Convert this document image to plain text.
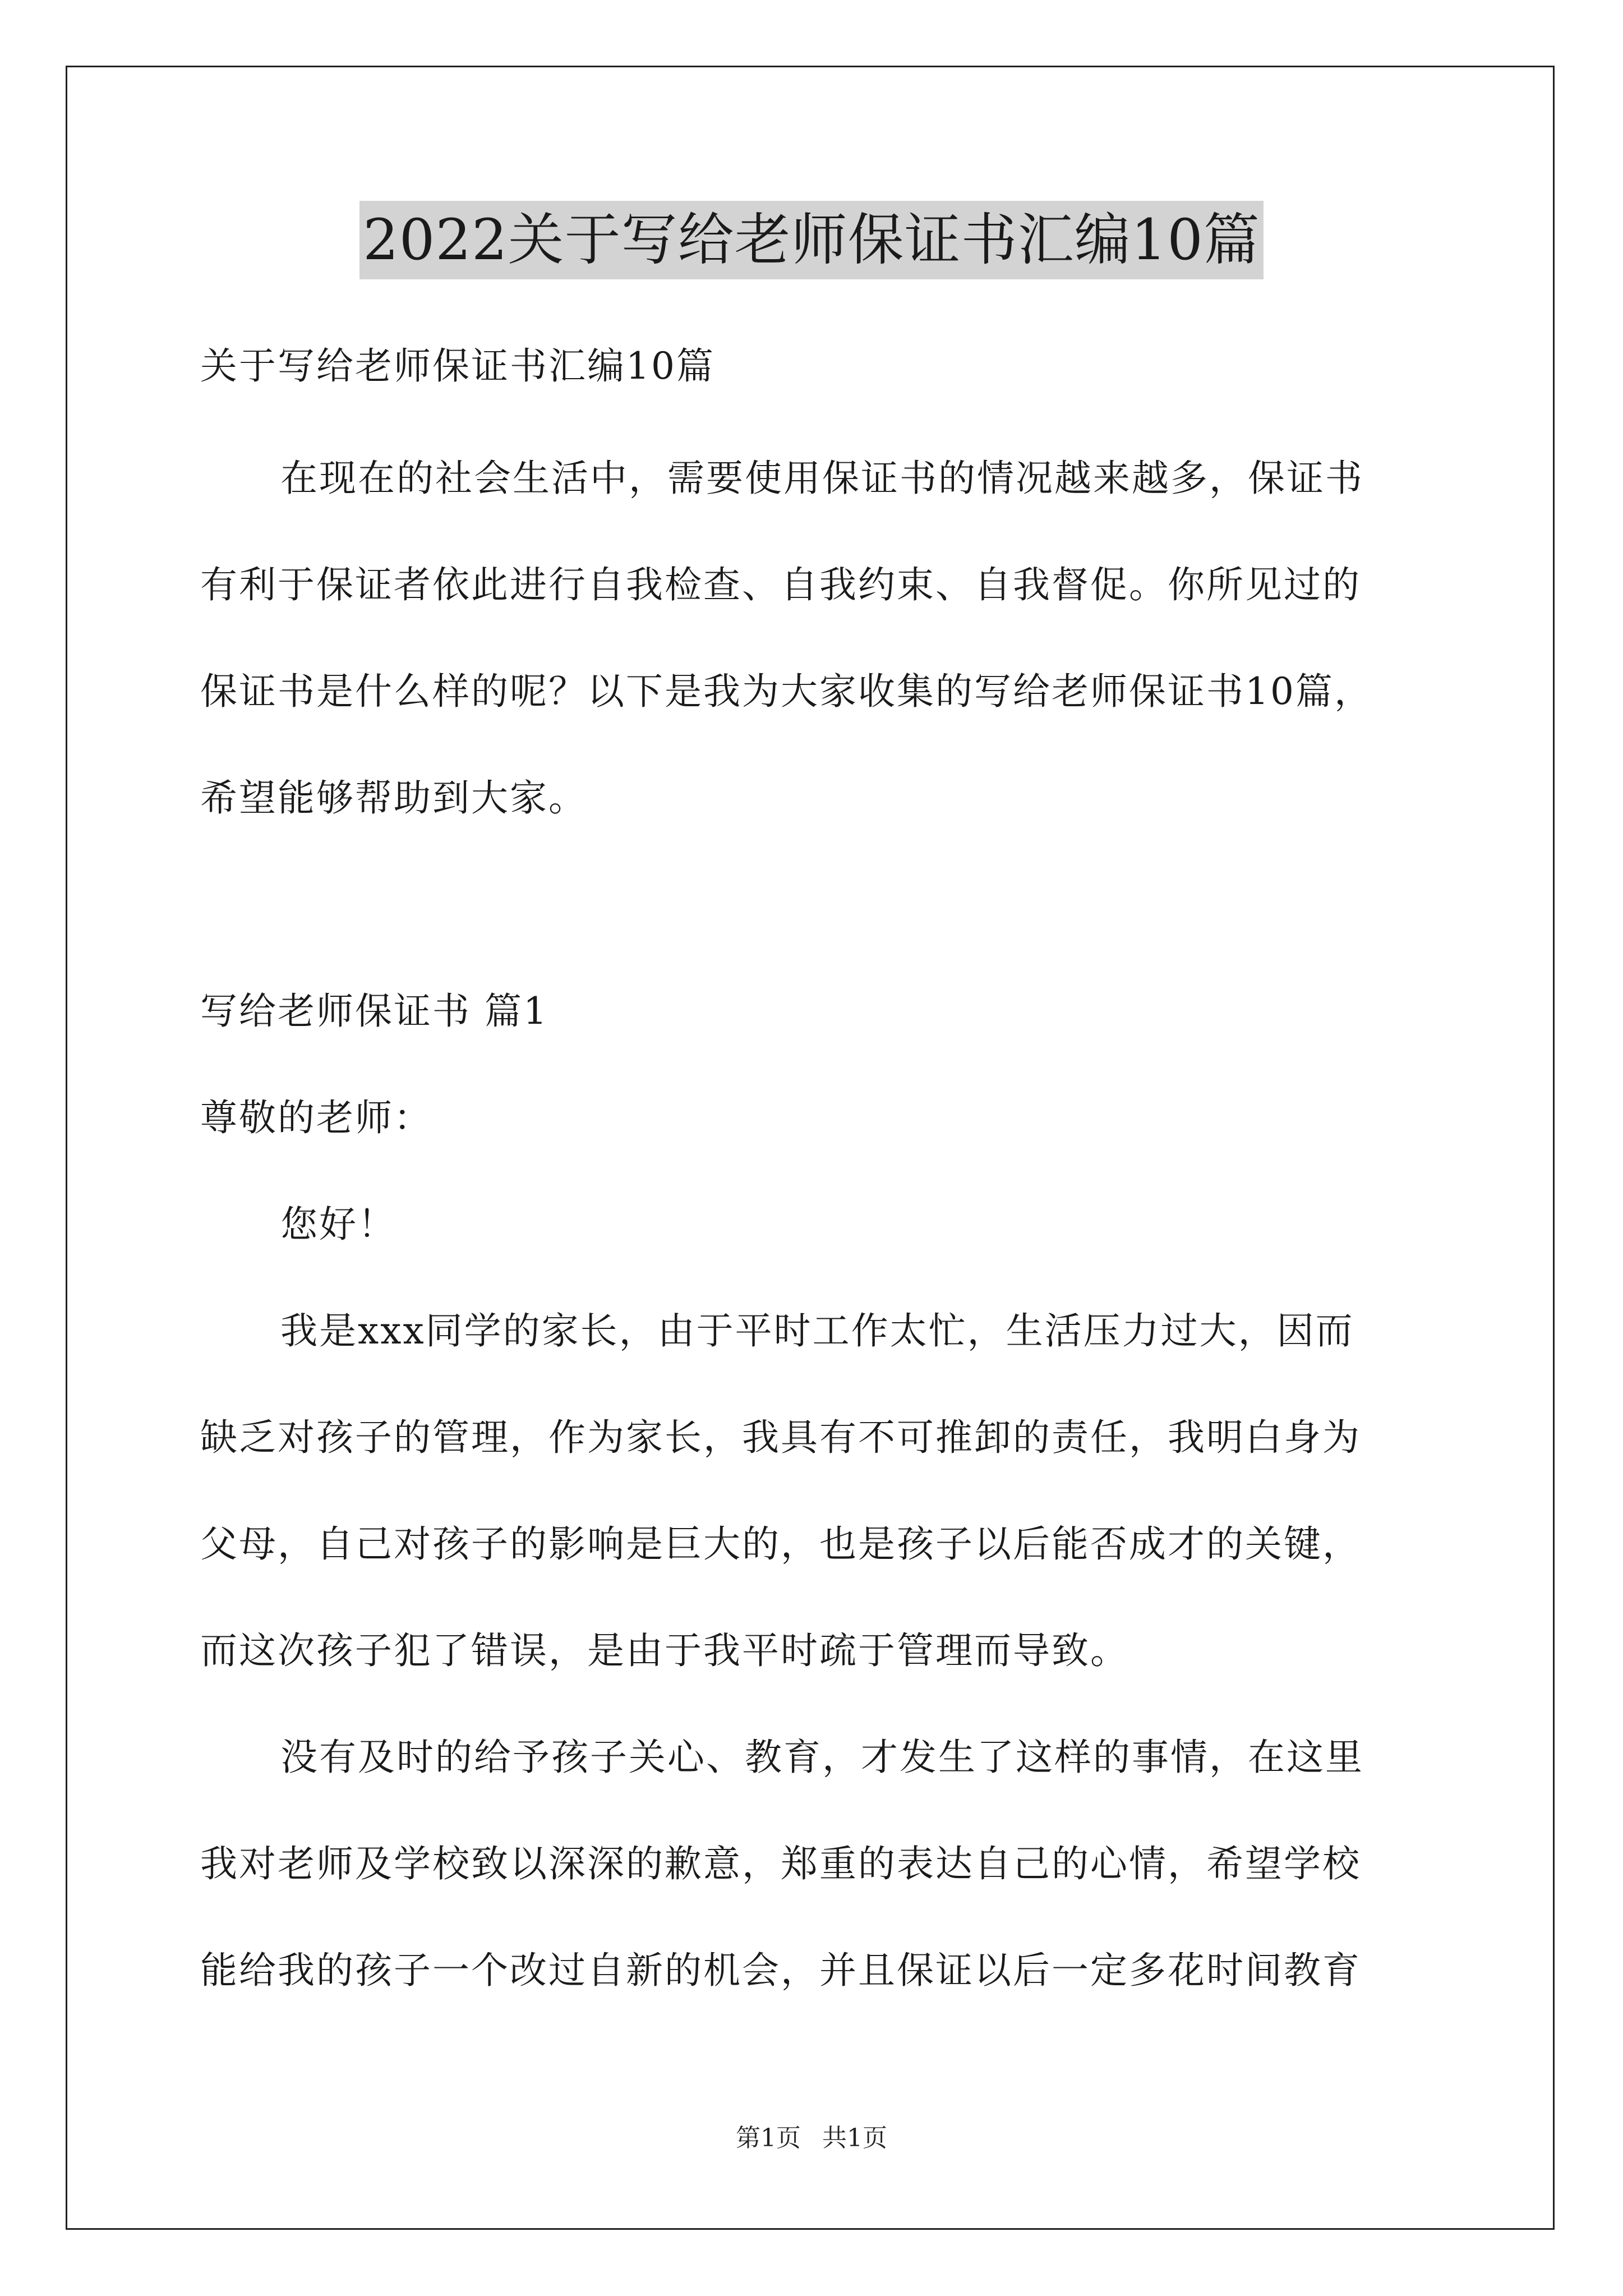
2022关于写给老师保证书汇编10篇

关于写给老师保证书汇编10篇

在现在的社会生活中，需要使用保证书的情况越来越多，保证书

有利于保证者依此进行自我检查、自我约束、自我督促。你所见过的

保证书是什么样的呢？以下是我为大家收集的写给老师保证书10篇，

希望能够帮助到大家。

写给老师保证书 篇1

尊敬的老师：

您好！

我是xxx同学的家长，由于平时工作太忙，生活压力过大，因而

缺乏对孩子的管理，作为家长，我具有不可推卸的责任，我明白身为

父母，自己对孩子的影响是巨大的，也是孩子以后能否成才的关键，

而这次孩子犯了错误，是由于我平时疏于管理而导致。

没有及时的给予孩子关心、教育，才发生了这样的事情，在这里

我对老师及学校致以深深的歉意，郑重的表达自己的心情，希望学校

能给我的孩子一个改过自新的机会，并且保证以后一定多花时间教育

第1页 共1页
